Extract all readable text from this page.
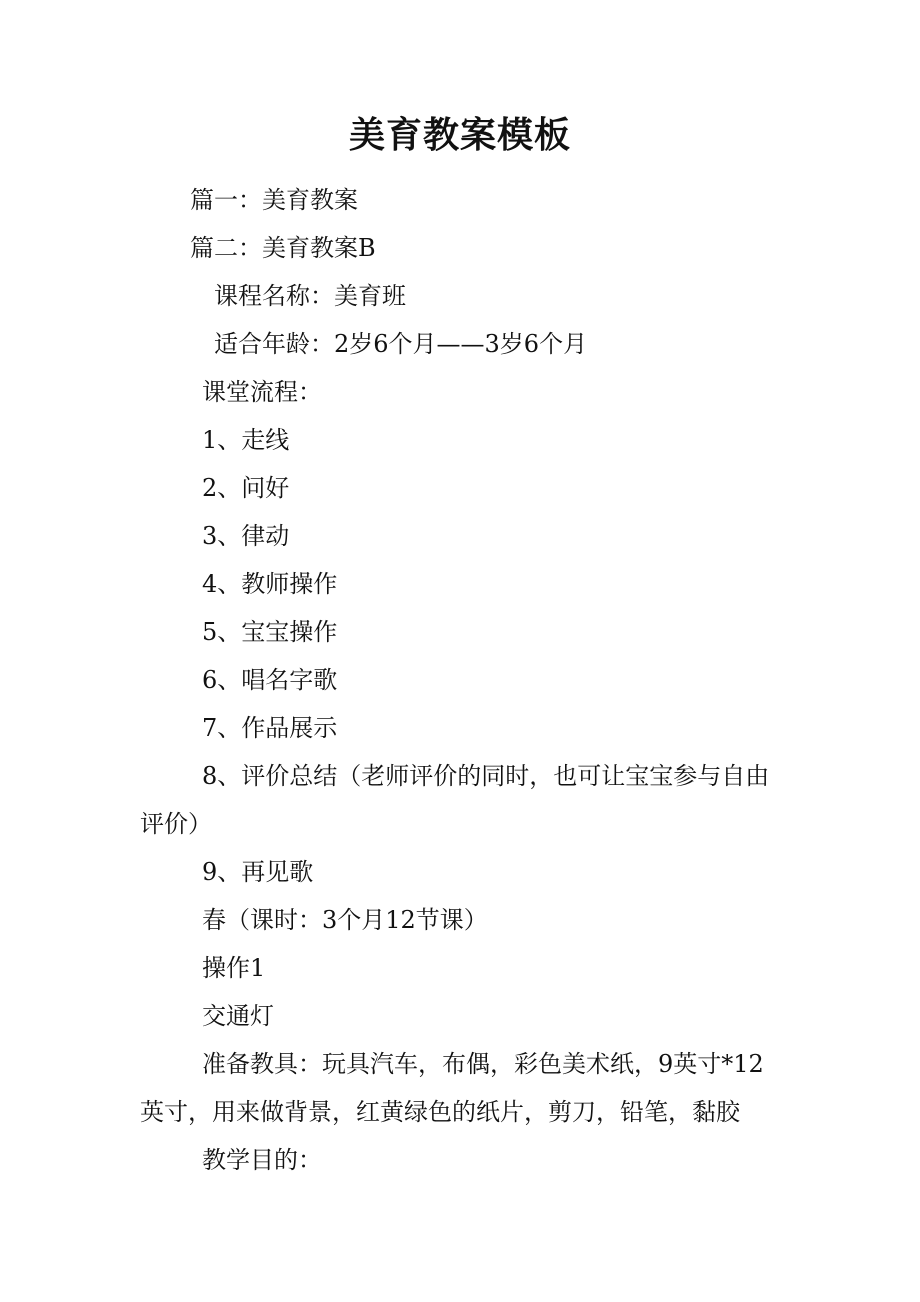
美育教案模板
篇一：美育教案
篇二：美育教案B
课程名称：美育班
适合年龄：2岁6个月——3岁6个月
课堂流程：
1、走线
2、问好
3、律动
4、教师操作
5、宝宝操作
6、唱名字歌
7、作品展示
8、评价总结（老师评价的同时，也可让宝宝参与自由
评价）
9、再见歌
春（课时：3个月12节课）
操作1
交通灯
准备教具：玩具汽车，布偶，彩色美术纸，9英寸*12
英寸，用来做背景，红黄绿色的纸片，剪刀，铅笔，黏胶
教学目的：
